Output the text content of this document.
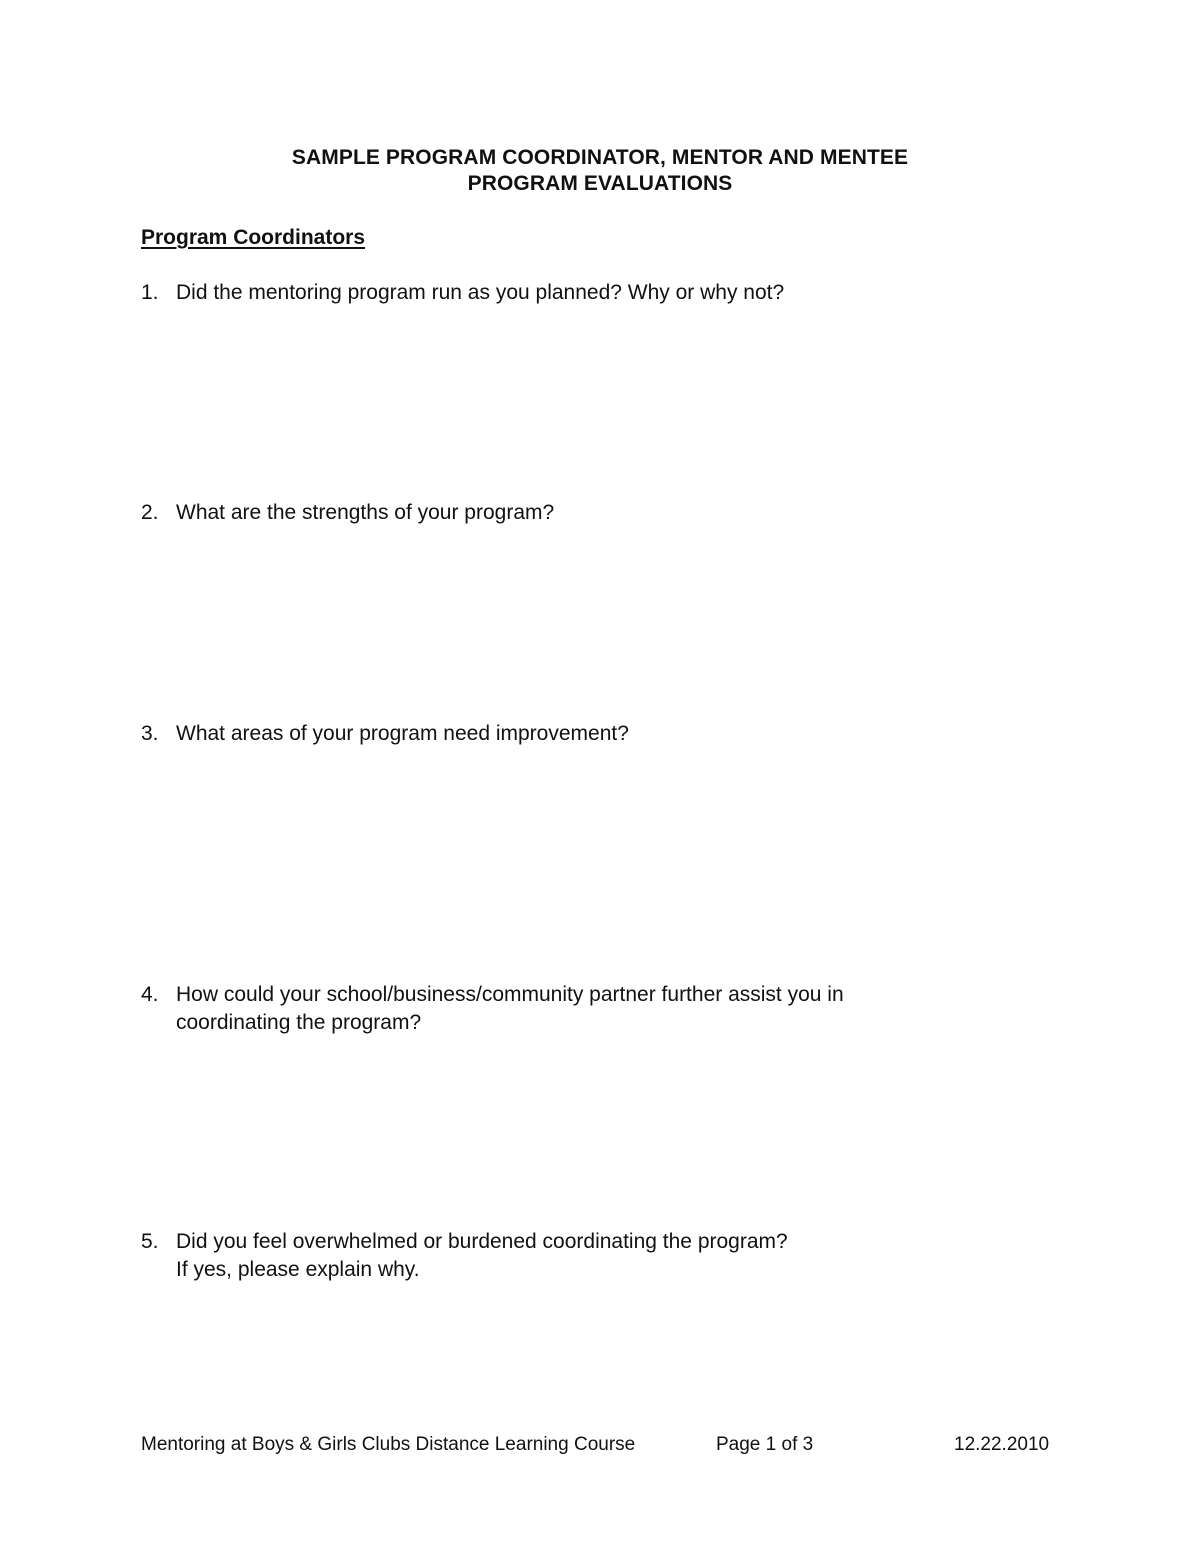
SAMPLE PROGRAM COORDINATOR, MENTOR AND MENTEE
PROGRAM EVALUATIONS
Program Coordinators
1. Did the mentoring program run as you planned? Why or why not?
2. What are the strengths of your program?
3. What areas of your program need improvement?
4. How could your school/business/community partner further assist you in
coordinating the program?
5. Did you feel overwhelmed or burdened coordinating the program?
If yes, please explain why.
Mentoring at Boys & Girls Clubs Distance Learning Course	Page 1 of 3	12.22.2010
